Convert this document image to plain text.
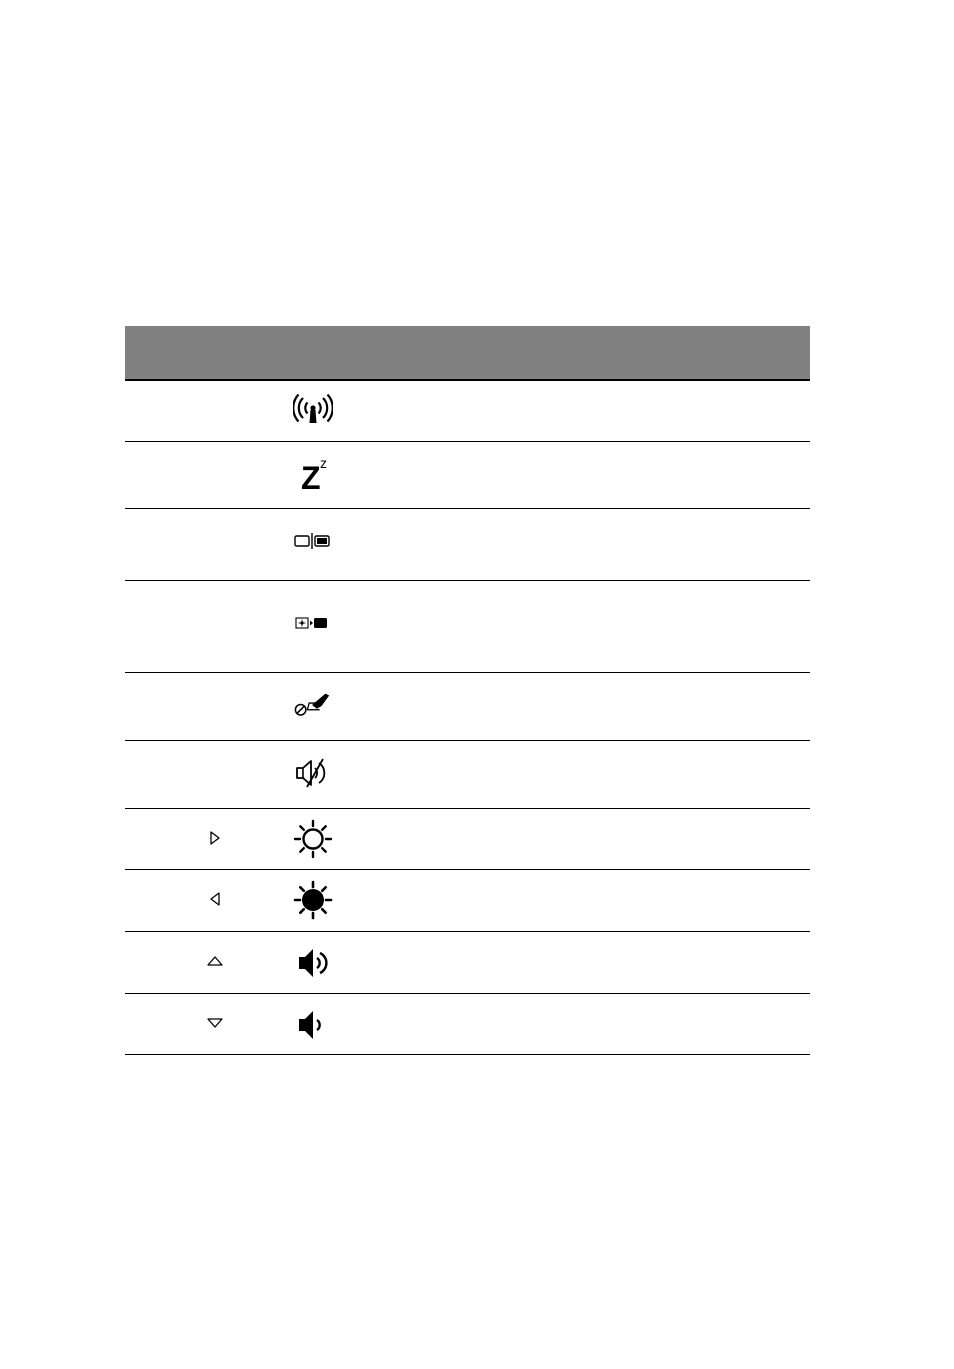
Z z
